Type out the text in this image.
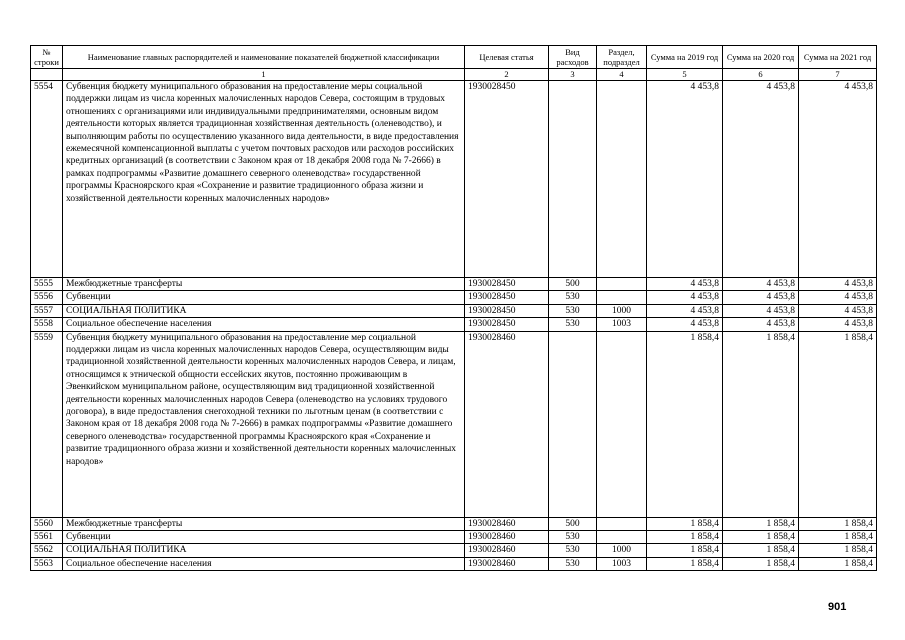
№ строки	Наименование главных распорядителей и наименование показателей бюджетной классификации	Целевая статья	Вид расходов	Раздел, подраздел	Сумма на 2019 год	Сумма на 2020 год	Сумма на 2021 год
	1	2	3	4	5	6	7
5554	Субвенция бюджету муниципального образования на предоставление меры социальной поддержки лицам из числа коренных малочисленных народов Севера, состоящим в трудовых отношениях с организациями или индивидуальными предпринимателями, основным видом деятельности которых является традиционная хозяйственная деятельность (оленеводство), и выполняющим работы по осуществлению указанного вида деятельности, в виде предоставления ежемесячной компенсационной выплаты с учетом почтовых расходов или расходов российских кредитных организаций (в соответствии с Законом края от 18 декабря 2008 года № 7-2666) в рамках подпрограммы «Развитие домашнего северного оленеводства» государственной программы Красноярского края «Сохранение и развитие традиционного образа жизни и хозяйственной деятельности коренных малочисленных народов»	1930028450			4 453,8	4 453,8	4 453,8
5555	Межбюджетные трансферты	1930028450	500		4 453,8	4 453,8	4 453,8
5556	Субвенции	1930028450	530		4 453,8	4 453,8	4 453,8
5557	СОЦИАЛЬНАЯ ПОЛИТИКА	1930028450	530	1000	4 453,8	4 453,8	4 453,8
5558	Социальное обеспечение населения	1930028450	530	1003	4 453,8	4 453,8	4 453,8
5559	Субвенция бюджету муниципального образования на предоставление мер социальной поддержки лицам из числа коренных малочисленных народов Севера, осуществляющим виды традиционной хозяйственной деятельности коренных малочисленных народов Севера, и лицам, относящимся к этнической общности ессейских якутов, постоянно проживающим в Эвенкийском муниципальном районе, осуществляющим вид традиционной хозяйственной деятельности коренных малочисленных народов Севера (оленеводство на условиях трудового договора), в виде предоставления снегоходной техники по льготным ценам (в соответствии с Законом края от 18 декабря 2008 года № 7-2666) в рамках подпрограммы «Развитие домашнего северного оленеводства» государственной программы Красноярского края «Сохранение и развитие традиционного образа жизни и хозяйственной деятельности коренных малочисленных народов»	1930028460			1 858,4	1 858,4	1 858,4
5560	Межбюджетные трансферты	1930028460	500		1 858,4	1 858,4	1 858,4
5561	Субвенции	1930028460	530		1 858,4	1 858,4	1 858,4
5562	СОЦИАЛЬНАЯ ПОЛИТИКА	1930028460	530	1000	1 858,4	1 858,4	1 858,4
5563	Социальное обеспечение населения	1930028460	530	1003	1 858,4	1 858,4	1 858,4
901
